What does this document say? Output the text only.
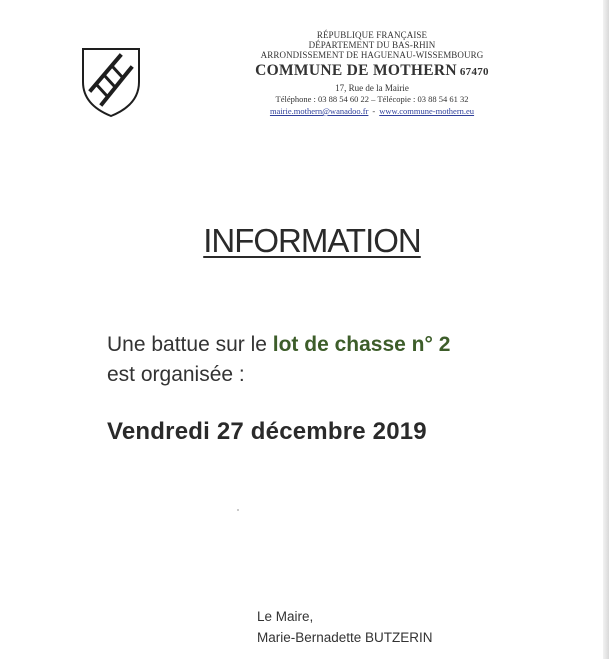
RÉPUBLIQUE FRANÇAISE
DÉPARTEMENT DU BAS-RHIN
ARRONDISSEMENT DE HAGUENAU-WISSEMBOURG
COMMUNE DE MOTHERN 67470
17, Rue de la Mairie
Téléphone : 03 88 54 60 22 – Télécopie : 03 88 54 61 32
mairie.mothern@wanadoo.fr - www.commune-mothern.eu
INFORMATION
Une battue sur le lot de chasse n° 2
est organisée :
Vendredi 27 décembre 2019
Le Maire,
Marie-Bernadette BUTZERIN
